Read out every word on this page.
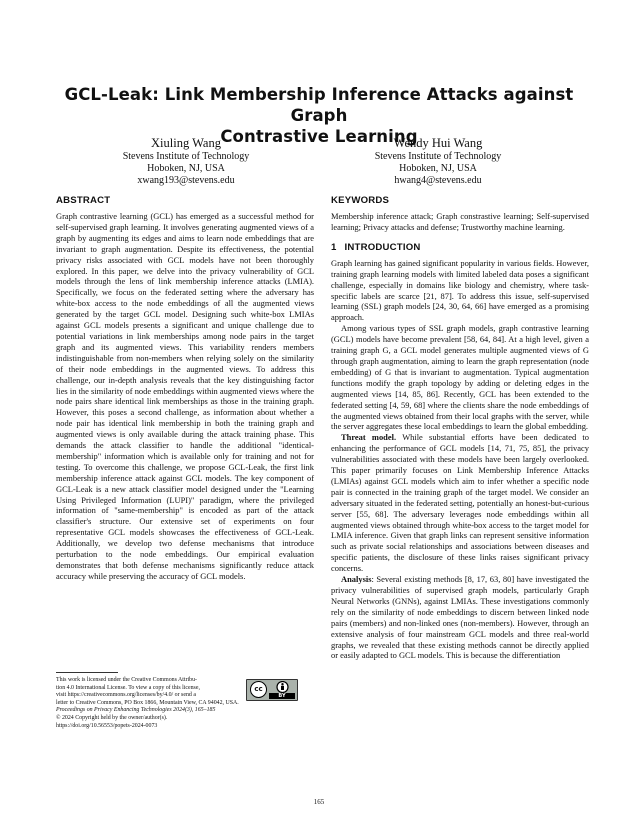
GCL-Leak: Link Membership Inference Attacks against Graph
Contrastive Learning
Xiuling Wang
Stevens Institute of Technology
Hoboken, NJ, USA
xwang193@stevens.edu
Wendy Hui Wang
Stevens Institute of Technology
Hoboken, NJ, USA
hwang4@stevens.edu
ABSTRACT

Graph contrastive learning (GCL) has emerged as a successful method for self-supervised graph learning. It involves generating augmented views of a graph by augmenting its edges and aims to learn node embeddings that are invariant to graph augmentation. Despite its effectiveness, the potential privacy risks associated with GCL models have not been thoroughly explored. In this paper, we delve into the privacy vulnerability of GCL models through the lens of link membership inference attacks (LMIA). Specifically, we focus on the federated setting where the adversary has white-box access to the node embeddings of all the augmented views generated by the target GCL model. Designing such white-box LMIAs against GCL models presents a significant and unique challenge due to potential variations in link memberships among node pairs in the target graph and its augmented views. This variability renders members indistinguishable from non-members when relying solely on the similarity of their node embeddings in the augmented views. To address this challenge, our in-depth analysis reveals that the key distinguishing factor lies in the similarity of node embeddings within augmented views where the node pairs share identical link memberships as those in the training graph. However, this poses a second challenge, as information about whether a node pair has identical link membership in both the training graph and augmented views is only available during the attack training phase. This demands the attack classifier to handle the additional "identical-membership" information which is available only for training and not for testing. To overcome this challenge, we propose GCL-Leak, the first link membership inference attack against GCL models. The key component of GCL-Leak is a new attack classifier model designed under the "Learning Using Privileged Information (LUPI)" paradigm, where the privileged information of "same-membership" is encoded as part of the attack classifier's structure. Our extensive set of experiments on four representative GCL models showcases the effectiveness of GCL-Leak. Additionally, we develop two defense mechanisms that introduce perturbation to the node embeddings. Our empirical evaluation demonstrates that both defense mechanisms significantly reduce attack accuracy while preserving the accuracy of GCL models.

KEYWORDS

Membership inference attack; Graph constrastive learning; Self-supervised learning; Privacy attacks and defense; Trustworthy machine learning.

1 INTRODUCTION

Graph learning has gained significant popularity in various fields. However, training graph learning models with limited labeled data poses a significant challenge, especially in domains like biology and chemistry, where task-specific labels are scarce [21, 87]. To address this issue, self-supervised learning (SSL) graph models [24, 30, 64, 66] have emerged as a promising approach.

Among various types of SSL graph models, graph contrastive learning (GCL) models have become prevalent [58, 64, 84]. At a high level, given a training graph G, a GCL model generates multiple augmented views of G through graph augmentation, aiming to learn the graph representation (node embedding) of G that is invariant to augmentation. Typical augmentation functions modify the graph topology by adding or deleting edges in the augmented views [14, 85, 86]. Recently, GCL has been extended to the federated setting [4, 59, 68] where the clients share the node embeddings of the augmented views obtained from their local graphs with the server, while the server aggregates these local embeddings to learn the global embedding.

Threat model. While substantial efforts have been dedicated to enhancing the performance of GCL models [14, 71, 75, 85], the privacy vulnerabilities associated with these models have been largely overlooked. This paper primarily focuses on Link Membership Inference Attacks (LMIAs) against GCL models which aim to infer whether a specific node pair is connected in the training graph of the target model. We consider an adversary situated in the federated setting, potentially an honest-but-curious server [55, 68]. The adversary leverages node embeddings within all augmented views obtained through white-box access to the target model for LMIA inference. Given that graph links can represent sensitive information such as private social relationships and associations between diseases and specific patients, the disclosure of these links raises significant privacy concerns.

Analysis: Several existing methods [8, 17, 63, 80] have investigated the privacy vulnerabilities of supervised graph models, particularly Graph Neural Networks (GNNs), against LMIAs. These investigations commonly rely on the similarity of node embeddings to discern between linked node pairs (members) and non-linked ones (non-members). However, through an extensive analysis of four mainstream GCL models and three real-world graphs, we revealed that these existing methods cannot be directly applied or easily adapted to GCL models. This is because the differentiation

This work is licensed under the Creative Commons Attribu-
tion 4.0 International License. To view a copy of this license,
visit https://creativecommons.org/licenses/by/4.0/ or send a
letter to Creative Commons, PO Box 1866, Mountain View, CA 94042, USA.
Proceedings on Privacy Enhancing Technologies 2024(3), 165–185
© 2024 Copyright held by the owner/author(s).
https://doi.org/10.56553/popets-2024-0073
cc
BY
165
